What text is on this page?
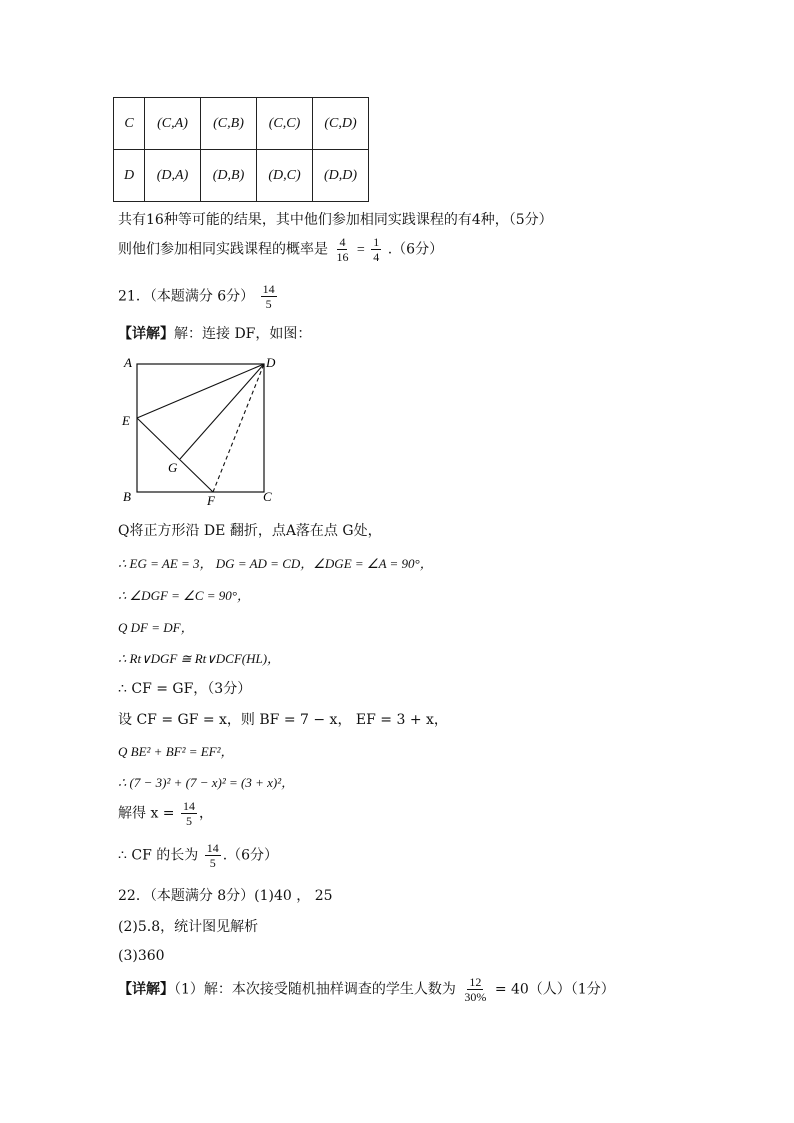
C	(C,A)	(C,B)	(C,C)	(C,D)
D	(D,A)	(D,B)	(D,C)	(D,D)
共有16种等可能的结果，其中他们参加相同实践课程的有4种，（5分）
则他们参加相同实践课程的概率是 $\frac{4}{16} = \frac{1}{4} .(6$分）
21．（本题满分 6分） $\frac{14}{5}$
【详解】解：连接 DF，如图：
A	D
E
G
B	F	C
Q将正方形沿 DE 翻折，点A落在点 G处，
∴ EG = AE = 3， DG = AD = CD，∠DGE = ∠A = 90°，
∴ ∠DGF = ∠C = 90°，
Q DF = DF，
∴ Rt∨DGF ≅ Rt∨DCF(HL)，
∴ CF = GF，（3分）
设 CF = GF = x，则 BF = 7 − x， EF = 3 + x，
Q BE² + BF² = EF²，
∴ (7 − 3)² + (7 − x)² = (3 + x)²，
解得 $x = \frac{14}{5}$ ，
∴ CF 的长为 $\frac{14}{5} .(6$分）
22．（本题满分 8分）(1)40 ， 25
(2)5.8，统计图见解析
(3)360
【详解】（1）解：本次接受随机抽样调查的学生人数为 $\frac{12}{30\%} = 40$（人）（1分）
